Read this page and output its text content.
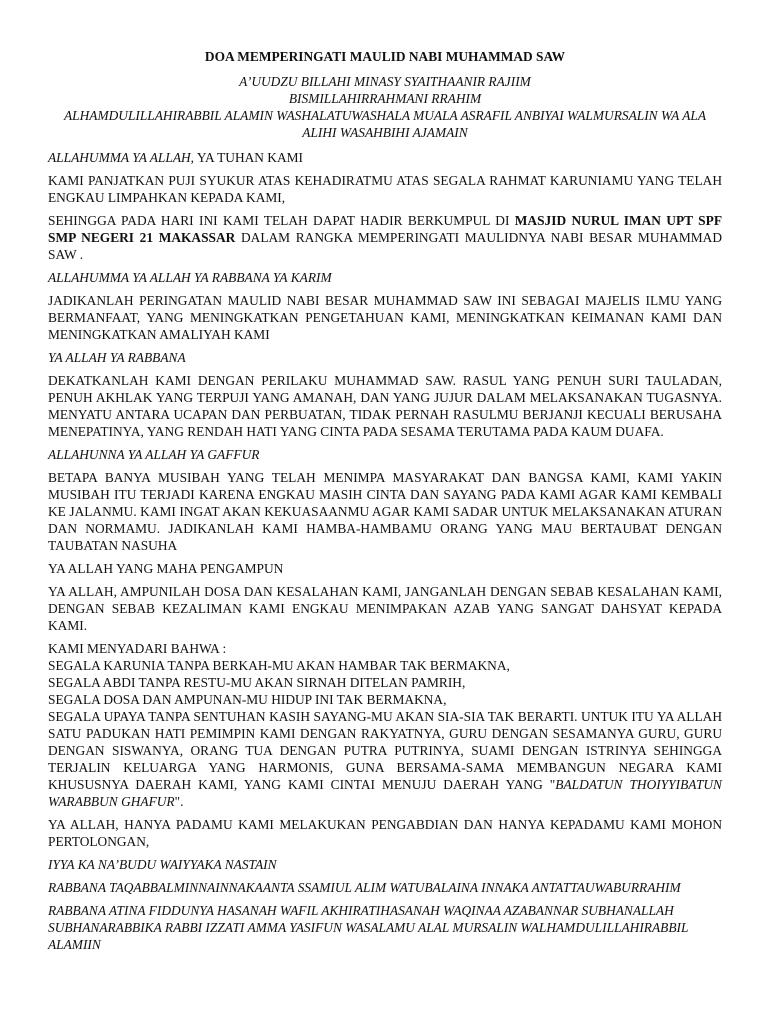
DOA MEMPERINGATI MAULID NABI MUHAMMAD SAW
A’UUDZU BILLAHI MINASY SYAITHAANIR RAJIIM
BISMILLAHIRRAHMANI RRAHIM
ALHAMDULILLAHIRABBIL ALAMIN WASHALATUWASHALA MUALA ASRAFIL ANBIYAI WALMURSALIN WA ALA
ALIHI WASAHBIHI AJAMAIN

ALLAHUMMA YA ALLAH, YA TUHAN KAMI

KAMI PANJATKAN PUJI SYUKUR ATAS KEHADIRATMU ATAS SEGALA RAHMAT KARUNIAMU YANG TELAH ENGKAU LIMPAHKAN KEPADA KAMI,

SEHINGGA PADA HARI INI KAMI TELAH DAPAT HADIR BERKUMPUL DI MASJID NURUL IMAN UPT SPF SMP NEGERI 21 MAKASSAR DALAM RANGKA MEMPERINGATI MAULIDNYA NABI BESAR MUHAMMAD SAW .

ALLAHUMMA YA ALLAH YA RABBANA YA KARIM

JADIKANLAH PERINGATAN MAULID NABI BESAR MUHAMMAD SAW INI SEBAGAI MAJELIS ILMU YANG BERMANFAAT, YANG MENINGKATKAN PENGETAHUAN KAMI, MENINGKATKAN KEIMANAN KAMI DAN MENINGKATKAN AMALIYAH KAMI

YA ALLAH YA RABBANA

DEKATKANLAH KAMI DENGAN PERILAKU MUHAMMAD SAW. RASUL YANG PENUH SURI TAULADAN, PENUH AKHLAK YANG TERPUJI YANG AMANAH, DAN YANG JUJUR DALAM MELAKSANAKAN TUGASNYA. MENYATU ANTARA UCAPAN DAN PERBUATAN, TIDAK PERNAH RASULMU BERJANJI KECUALI BERUSAHA MENEPATINYA, YANG RENDAH HATI YANG CINTA PADA SESAMA TERUTAMA PADA KAUM DUAFA.

ALLAHUNNA YA ALLAH YA GAFFUR

BETAPA BANYA MUSIBAH YANG TELAH MENIMPA MASYARAKAT DAN BANGSA KAMI, KAMI YAKIN MUSIBAH ITU TERJADI KARENA ENGKAU MASIH CINTA DAN SAYANG PADA KAMI AGAR KAMI KEMBALI KE JALANMU. KAMI INGAT AKAN KEKUASAANMU AGAR KAMI SADAR UNTUK MELAKSANAKAN ATURAN DAN NORMAMU. JADIKANLAH KAMI HAMBA-HAMBAMU ORANG YANG MAU BERTAUBAT DENGAN TAUBATAN NASUHA

YA ALLAH YANG MAHA PENGAMPUN

YA ALLAH, AMPUNILAH DOSA DAN KESALAHAN KAMI, JANGANLAH DENGAN SEBAB KESALAHAN KAMI, DENGAN SEBAB KEZALIMAN KAMI ENGKAU MENIMPAKAN AZAB YANG SANGAT DAHSYAT KEPADA KAMI.

KAMI MENYADARI BAHWA :
SEGALA KARUNIA TANPA BERKAH-MU AKAN HAMBAR TAK BERMAKNA,
SEGALA ABDI TANPA RESTU-MU AKAN SIRNAH DITELAN PAMRIH,
SEGALA DOSA DAN AMPUNAN-MU HIDUP INI TAK BERMAKNA,
SEGALA UPAYA TANPA SENTUHAN KASIH SAYANG-MU AKAN SIA-SIA TAK BERARTI. UNTUK ITU YA ALLAH SATU PADUKAN HATI PEMIMPIN KAMI DENGAN RAKYATNYA, GURU DENGAN SESAMANYA GURU, GURU DENGAN SISWANYA, ORANG TUA DENGAN PUTRA PUTRINYA, SUAMI DENGAN ISTRINYA SEHINGGA TERJALIN KELUARGA YANG HARMONIS, GUNA BERSAMA-SAMA MEMBANGUN NEGARA KAMI KHUSUSNYA DAERAH KAMI, YANG KAMI CINTAI MENUJU DAERAH YANG "BALDATUN THOIYYIBATUN WARABBUN GHAFUR".

YA ALLAH, HANYA PADAMU KAMI MELAKUKAN PENGABDIAN DAN HANYA KEPADAMU KAMI MOHON PERTOLONGAN,

IYYA KA NA’BUDU WAIYYAKA NASTAIN

RABBANA TAQABBALMINNAINNAKAANTA SSAMIUL ALIM WATUBALAINA INNAKA ANTATTAUWABURRAHIM

RABBANA ATINA FIDDUNYA HASANAH WAFIL AKHIRATIHASANAH WAQINAA AZABANNAR SUBHANALLAH SUBHANARABBIKA RABBI IZZATI AMMA YASIFUN WASALAMU ALAL MURSALIN WALHAMDULILLAHIRABBIL ALAMIIN
